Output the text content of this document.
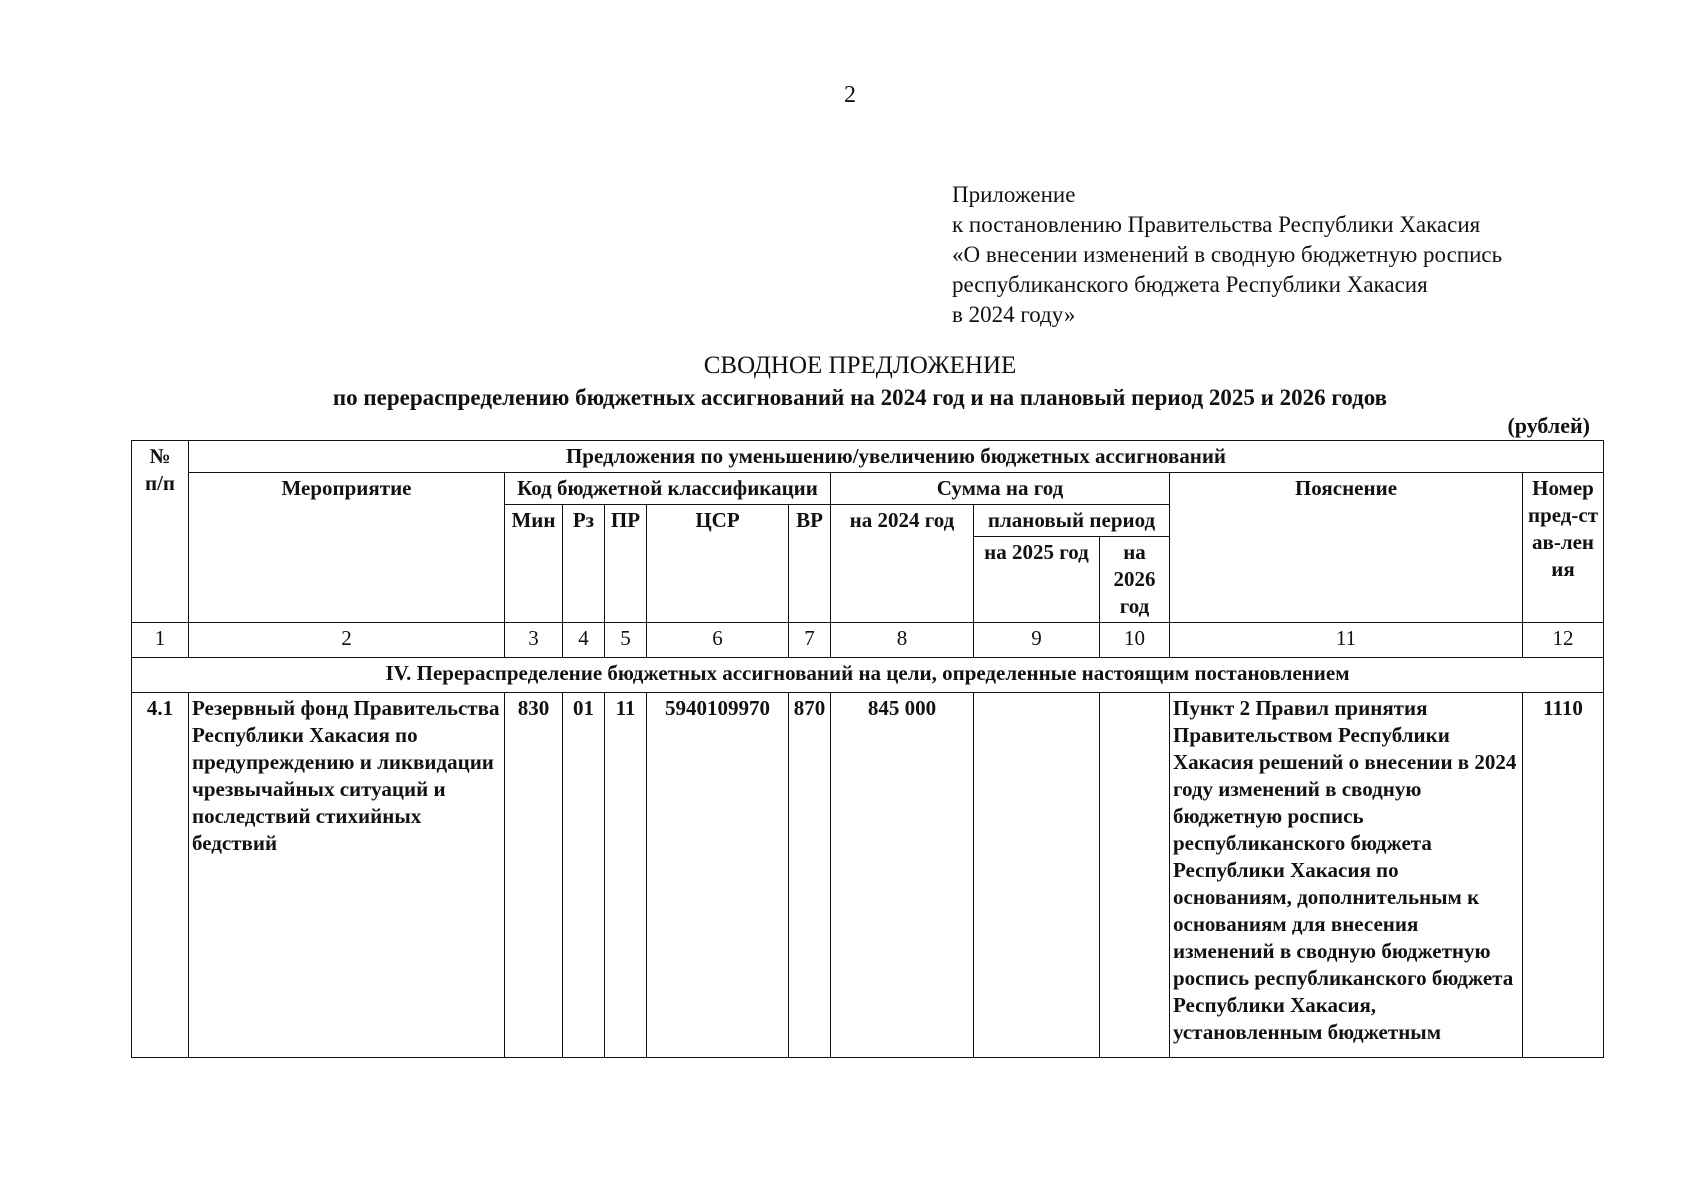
2
Приложение
к постановлению Правительства Республики Хакасия
«О внесении изменений в сводную бюджетную роспись
республиканского бюджета Республики Хакасия
в 2024 году»
СВОДНОЕ ПРЕДЛОЖЕНИЕ
по перераспределению бюджетных ассигнований на 2024 год и на плановый период 2025 и 2026 годов
(рублей)
№ п/п	Предложения по уменьшению/увеличению бюджетных ассигнований										
	Мероприятие	Код бюджетной классификации					Сумма на год			Пояснение	Номер пред-став-ления
		Мин	Рз	ПР	ЦСР	ВР	на 2024 год	плановый период			
								на 2025 год	на 2026 год		

1	2	3	4	5	6	7	8	9	10	11	12
IV. Перераспределение бюджетных ассигнований на цели, определенные настоящим постановлением											
4.1	Резервный фонд Правительства Республики Хакасия по предупреждению и ликвидации чрезвычайных ситуаций и последствий стихийных бедствий	830	01	11	5940109970	870	845 000			Пункт 2 Правил принятия Правительством Республики Хакасия решений о внесении в 2024 году изменений в сводную бюджетную роспись республиканского бюджета Республики Хакасия по основаниям, дополнительным к основаниям для внесения изменений в сводную бюджетную роспись республиканского бюджета Республики Хакасия, установленным бюджетным	1110
